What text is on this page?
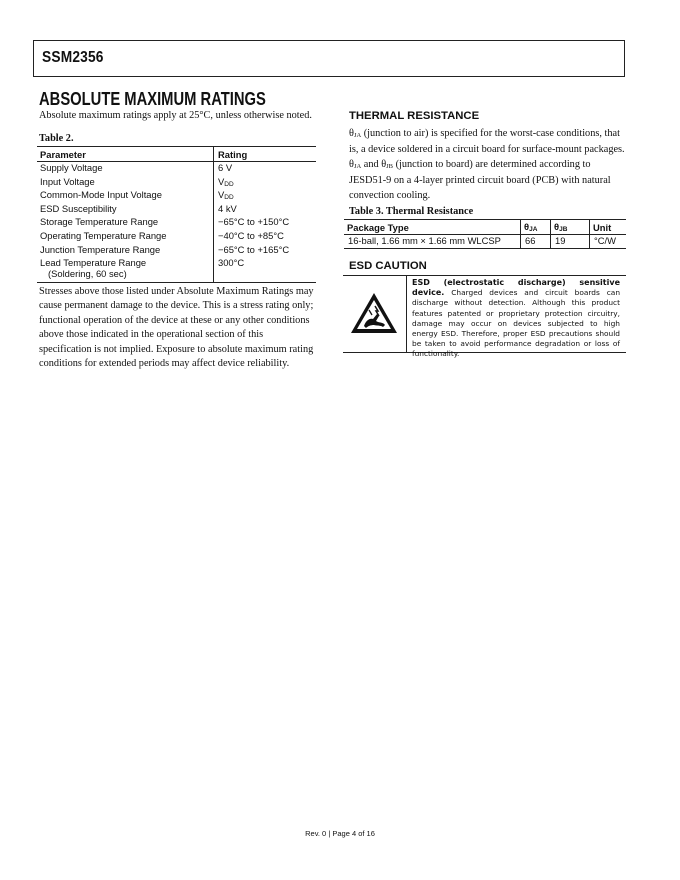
SSM2356
ABSOLUTE MAXIMUM RATINGS
Absolute maximum ratings apply at 25°C, unless otherwise noted.
Table 2.
Parameter	Rating
Supply Voltage	6 V
Input Voltage	$V_{DD}$
Common-Mode Input Voltage	$V_{DD}$
ESD Susceptibility	4 kV
Storage Temperature Range	−65°C to +150°C
Operating Temperature Range	−40°C to +85°C
Junction Temperature Range	−65°C to +165°C
Lead Temperature Range
(Soldering, 60 sec)	300°C
Stresses above those listed under Absolute Maximum Ratings may cause permanent damage to the device. This is a stress rating only; functional operation of the device at these or any other conditions above those indicated in the operational section of this specification is not implied. Exposure to absolute maximum rating conditions for extended periods may affect device reliability.
THERMAL RESISTANCE
$\theta_{JA}$ (junction to air) is specified for the worst-case conditions, that is, a device soldered in a circuit board for surface-mount packages. $\theta_{JA}$ and $\theta_{JB}$ (junction to board) are determined according to JESD51-9 on a 4-layer printed circuit board (PCB) with natural convection cooling.
Table 3. Thermal Resistance
Package Type	$\theta_{JA}$	$\theta_{JB}$	Unit
16-ball, 1.66 mm × 1.66 mm WLCSP	66	19	°C/W
ESD CAUTION
ESD (electrostatic discharge) sensitive device. Charged devices and circuit boards can discharge without detection. Although this product features patented or proprietary protection circuitry, damage may occur on devices subjected to high energy ESD. Therefore, proper ESD precautions should be taken to avoid performance degradation or loss of functionality.
Rev. 0 | Page 4 of 16
